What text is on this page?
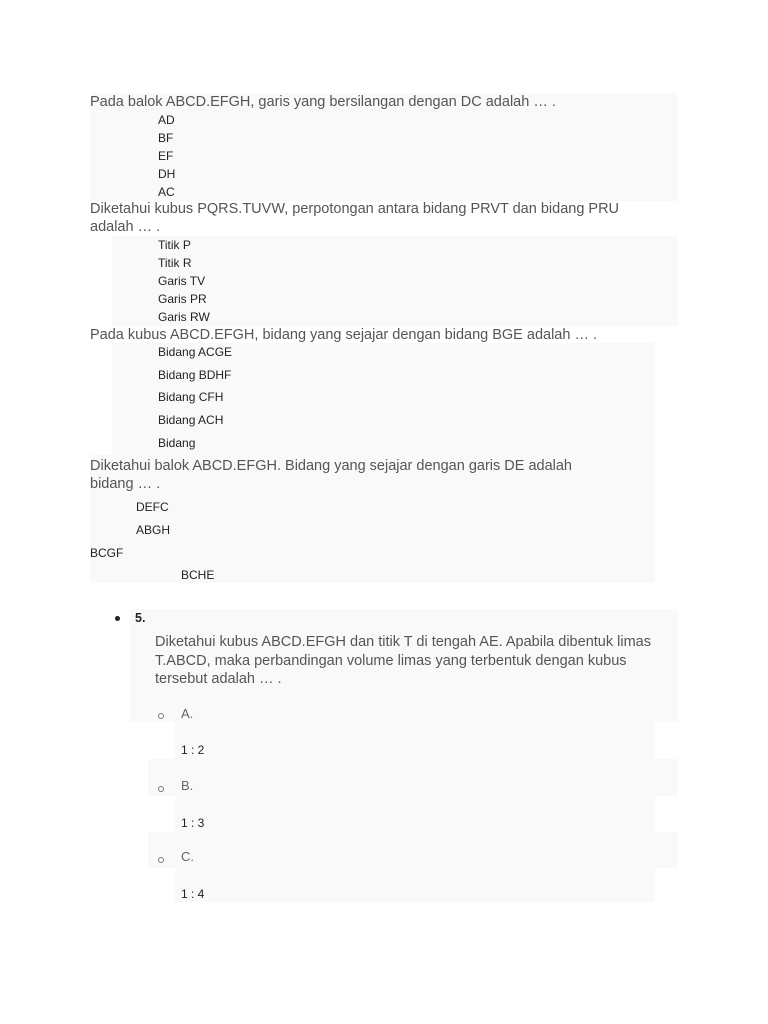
Pada balok ABCD.EFGH, garis yang bersilangan dengan DC adalah … .
AD
BF
EF
DH
AC
Diketahui kubus PQRS.TUVW, perpotongan antara bidang PRVT dan bidang PRU
adalah … .
Titik P
Titik R
Garis TV
Garis PR
Garis RW
Pada kubus ABCD.EFGH, bidang yang sejajar dengan bidang BGE adalah … .
Bidang ACGE
Bidang BDHF
Bidang CFH
Bidang ACH
Bidang
Diketahui balok ABCD.EFGH. Bidang yang sejajar dengan garis DE adalah
bidang … .
DEFC
ABGH
BCGF
BCHE
5.
Diketahui kubus ABCD.EFGH dan titik T di tengah AE. Apabila dibentuk limas
T.ABCD, maka perbandingan volume limas yang terbentuk dengan kubus
tersebut adalah … .
A.
1 : 2
B.
1 : 3
C.
1 : 4
